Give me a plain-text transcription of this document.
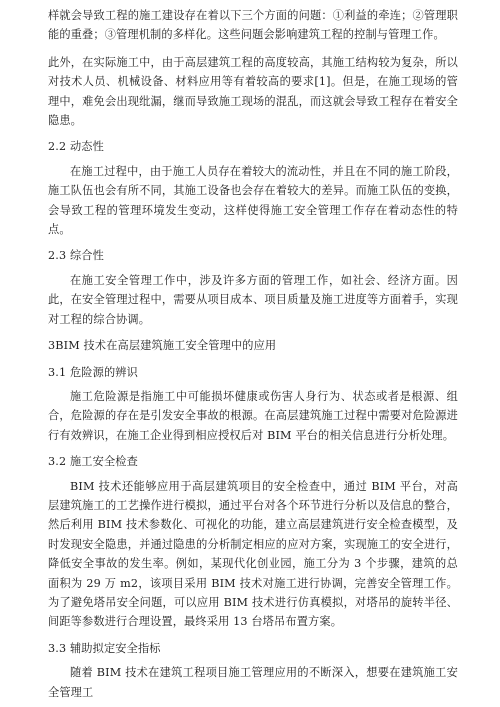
样就会导致工程的施工建设存在着以下三个方面的问题：①利益的牵连；②管理职能的重叠；③管理机制的多样化。这些问题会影响建筑工程的控制与管理工作。

此外，在实际施工中，由于高层建筑工程的高度较高，其施工结构较为复杂，所以对技术人员、机械设备、材料应用等有着较高的要求[1]。但是，在施工现场的管理中，难免会出现纰漏，继而导致施工现场的混乱，而这就会导致工程存在着安全隐患。

2.2 动态性

在施工过程中，由于施工人员存在着较大的流动性，并且在不同的施工阶段，施工队伍也会有所不同，其施工设备也会存在着较大的差异。而施工队伍的变换，会导致工程的管理环境发生变动，这样使得施工安全管理工作存在着动态性的特点。

2.3 综合性

在施工安全管理工作中，涉及许多方面的管理工作，如社会、经济方面。因此，在安全管理过程中，需要从项目成本、项目质量及施工进度等方面着手，实现对工程的综合协调。

3BIM 技术在高层建筑施工安全管理中的应用
3.1 危险源的辨识

施工危险源是指施工中可能损坏健康或伤害人身行为、状态或者是根源、组合，危险源的存在是引发安全事故的根源。在高层建筑施工过程中需要对危险源进行有效辨识，在施工企业得到相应授权后对 BIM 平台的相关信息进行分析处理。

3.2 施工安全检查

BIM 技术还能够应用于高层建筑项目的安全检查中，通过 BIM 平台，对高层建筑施工的工艺操作进行模拟，通过平台对各个环节进行分析以及信息的整合，然后利用 BIM 技术参数化、可视化的功能，建立高层建筑进行安全检查模型，及时发现安全隐患，并通过隐患的分析制定相应的应对方案，实现施工的安全进行，降低安全事故的发生率。例如，某现代化创业园，施工分为 3 个步骤，建筑的总面积为 29 万 m2，该项目采用 BIM 技术对施工进行协调，完善安全管理工作。为了避免塔吊安全问题，可以应用 BIM 技术进行仿真模拟，对塔吊的旋转半径、间距等参数进行合理设置，最终采用 13 台塔吊布置方案。

3.3 辅助拟定安全指标

随着 BIM 技术在建筑工程项目施工管理应用的不断深入，想要在建筑施工安全管理工
